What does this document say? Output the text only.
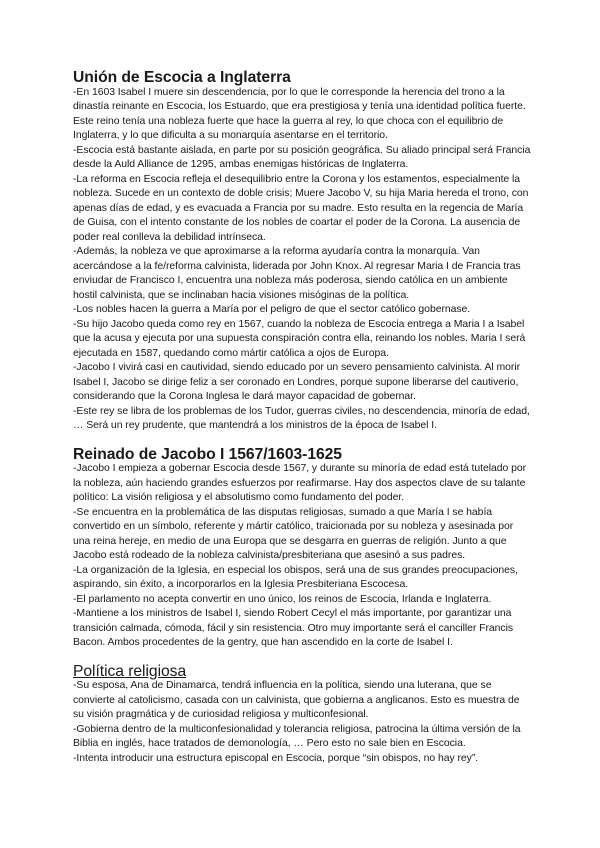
Unión de Escocia a Inglaterra

-En 1603 Isabel I muere sin descendencia, por lo que le corresponde la herencia del trono a la dinastía reinante en Escocia, los Estuardo, que era prestigiosa y tenía una identidad política fuerte. Este reino tenía una nobleza fuerte que hace la guerra al rey, lo que choca con el equilibrio de Inglaterra, y lo que dificulta a su monarquía asentarse en el territorio.

-Escocia está bastante aislada, en parte por su posición geográfica. Su aliado principal será Francia desde la Auld Alliance de 1295, ambas enemigas históricas de Inglaterra.

-La reforma en Escocia refleja el desequilibrio entre la Corona y los estamentos, especialmente la nobleza. Sucede en un contexto de doble crisis; Muere Jacobo V, su hija Maria hereda el trono, con apenas días de edad, y es evacuada a Francia por su madre. Esto resulta en la regencia de María de Guisa, con el intento constante de los nobles de coartar el poder de la Corona. La ausencia de poder real conlleva la debilidad intrínseca.

-Además, la nobleza ve que aproximarse a la reforma ayudaría contra la monarquía. Van acercándose a la fe/reforma calvinista, liderada por John Knox. Al regresar Maria I de Francia tras enviudar de Francisco I, encuentra una nobleza más poderosa, siendo católica en un ambiente hostil calvinista, que se inclinaban hacia visiones misóginas de la política.

-Los nobles hacen la guerra a María por el peligro de que el sector católico gobernase.

-Su hijo Jacobo queda como rey en 1567, cuando la nobleza de Escocia entrega a Maria I a Isabel que la acusa y ejecuta por una supuesta conspiración contra ella, reinando los nobles. Maria I será ejecutada en 1587, quedando como mártir católica a ojos de Europa.

-Jacobo I vivirá casi en cautividad, siendo educado por un severo pensamiento calvinista. Al morir Isabel I, Jacobo se dirige feliz a ser coronado en Londres, porque supone liberarse del cautiverio, considerando que la Corona Inglesa le dará mayor capacidad de gobernar.

-Este rey se libra de los problemas de los Tudor, guerras civiles, no descendencia, minoría de edad, … Será un rey prudente, que mantendrá a los ministros de la época de Isabel I.

Reinado de Jacobo I 1567/1603-1625

-Jacobo I empieza a gobernar Escocia desde 1567, y durante su minoría de edad está tutelado por la nobleza, aún haciendo grandes esfuerzos por reafirmarse. Hay dos aspectos clave de su talante político: La visión religiosa y el absolutismo como fundamento del poder.

-Se encuentra en la problemática de las disputas religiosas, sumado a que María I se había convertido en un símbolo, referente y mártir católico, traicionada por su nobleza y asesinada por una reina hereje, en medio de una Europa que se desgarra en guerras de religión. Junto a que Jacobo está rodeado de la nobleza calvinista/presbiteriana que asesinó a sus padres.

-La organización de la Iglesia, en especial los obispos, será una de sus grandes preocupaciones, aspirando, sin éxito, a incorporarlos en la Iglesia Presbiteriana Escocesa.

-El parlamento no acepta convertir en uno único, los reinos de Escocia, Irlanda e Inglaterra.

-Mantiene a los ministros de Isabel I, siendo Robert Cecyl el más importante, por garantizar una transición calmada, cómoda, fácil y sin resistencia. Otro muy importante será el canciller Francis Bacon. Ambos procedentes de la gentry, que han ascendido en la corte de Isabel I.

Política religiosa

-Su esposa, Ana de Dinamarca, tendrá influencia en la política, siendo una luterana, que se convierte al catolicismo, casada con un calvinista, que gobierna a anglicanos. Esto es muestra de su visión pragmática y de curiosidad religiosa y multiconfesional.

-Gobierna dentro de la multiconfesionalidad y tolerancia religiosa, patrocina la última versión de la Biblia en inglés, hace tratados de demonología, … Pero esto no sale bien en Escocia.

-Intenta introducir una estructura episcopal en Escocia, porque “sin obispos, no hay rey”.
